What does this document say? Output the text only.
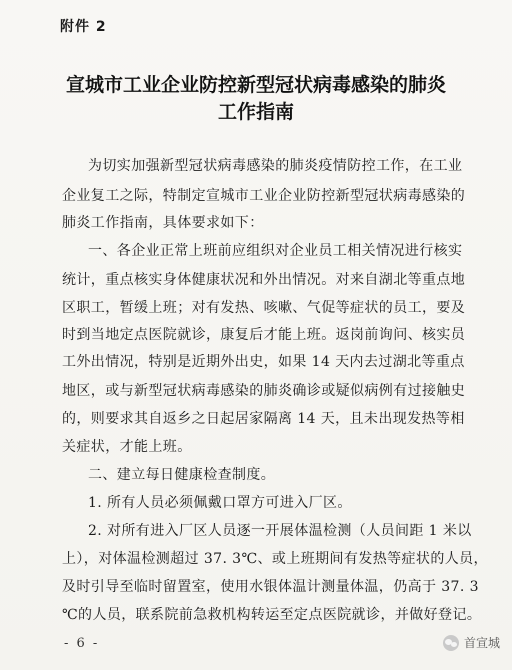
附件 2
宣城市工业企业防控新型冠状病毒感染的肺炎
工作指南
为切实加强新型冠状病毒感染的肺炎疫情防控工作，在工业
企业复工之际，特制定宣城市工业企业防控新型冠状病毒感染的
肺炎工作指南，具体要求如下：
一、各企业正常上班前应组织对企业员工相关情况进行核实
统计，重点核实身体健康状况和外出情况。对来自湖北等重点地
区职工，暂缓上班；对有发热、咳嗽、气促等症状的员工，要及
时到当地定点医院就诊，康复后才能上班。返岗前询问、核实员
工外出情况，特别是近期外出史，如果 14 天内去过湖北等重点
地区，或与新型冠状病毒感染的肺炎确诊或疑似病例有过接触史
的，则要求其自返乡之日起居家隔离 14 天，且未出现发热等相
关症状，才能上班。
二、建立每日健康检查制度。
1. 所有人员必须佩戴口罩方可进入厂区。
2. 对所有进入厂区人员逐一开展体温检测（人员间距 1 米以
上），对体温检测超过 37. 3℃、或上班期间有发热等症状的人员，
及时引导至临时留置室，使用水银体温计测量体温，仍高于 37. 3
℃的人员，联系院前急救机构转运至定点医院就诊，并做好登记。
- 6 -	首宣城
